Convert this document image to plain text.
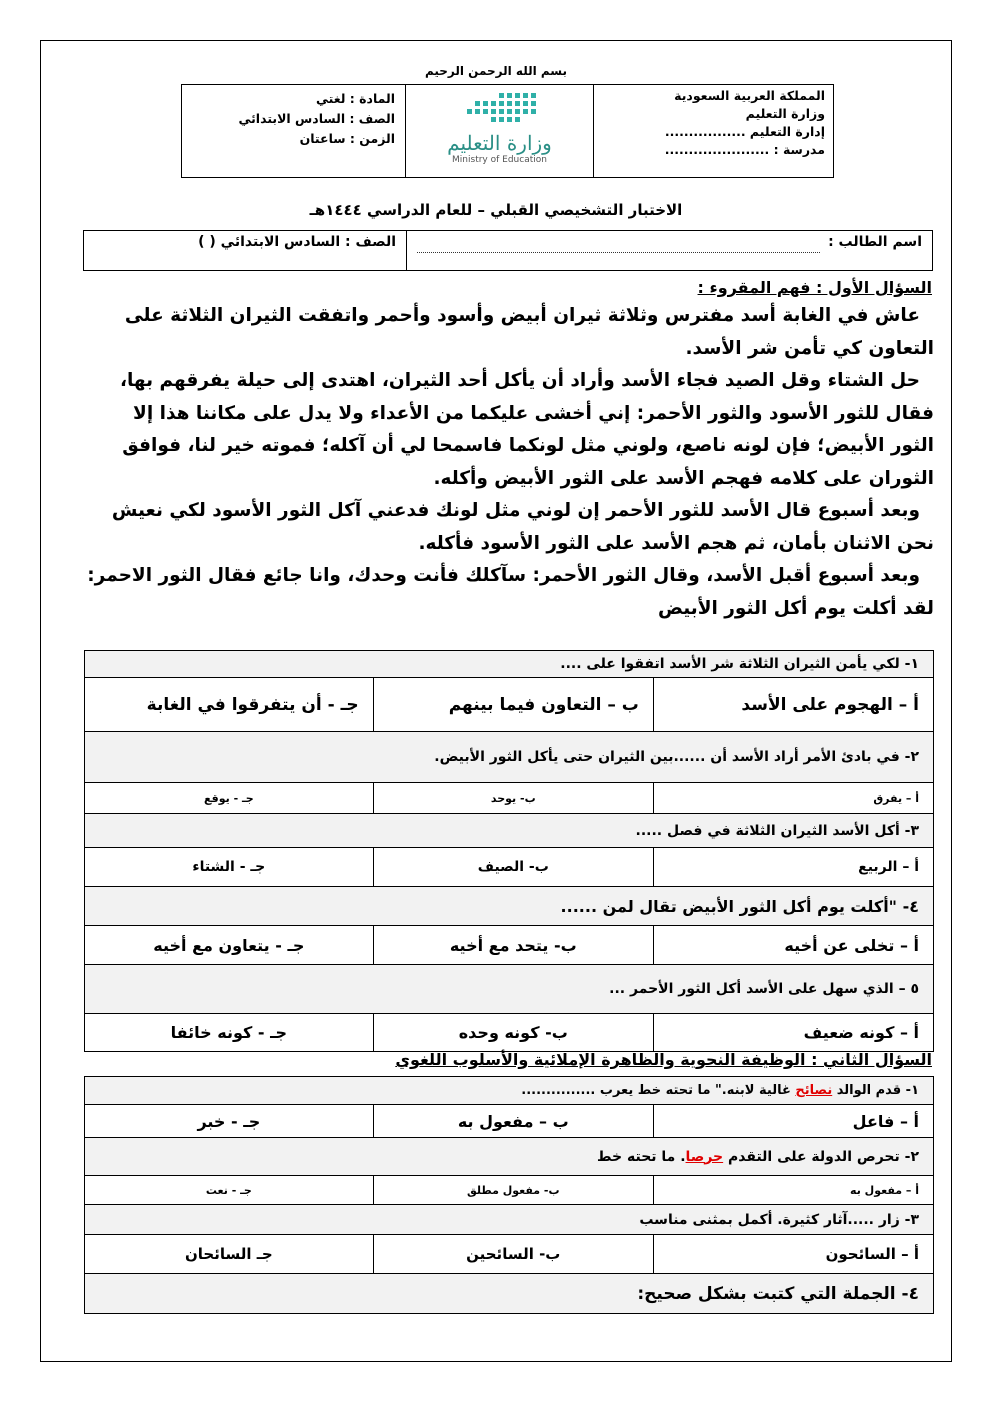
بسم الله الرحمن الرحيم
المملكة العربية السعودية
وزارة التعليم
إدارة التعليم .................
مدرسة : ......................
وزارة التعليم
Ministry of Education
المادة : لغتي
الصف : السادس الابتدائي
الزمن : ساعتان
الاختبار التشخيصي القبلي – للعام الدراسي ١٤٤٤هـ
اسم الطالب :
الصف : السادس الابتدائي ( )
السؤال الأول : فهم المقروء :

عاش في الغابة أسد مفترس وثلاثة ثيران أبيض وأسود وأحمر واتفقت الثيران الثلاثة على التعاون كي تأمن شر الأسد.

حل الشتاء وقل الصيد فجاء الأسد وأراد أن يأكل أحد الثيران، اهتدى إلى حيلة يفرقهم بها، فقال للثور الأسود والثور الأحمر: إني أخشى عليكما من الأعداء ولا يدل على مكاننا هذا إلا الثور الأبيض؛ فإن لونه ناصع، ولوني مثل لونكما فاسمحا لي أن آكله؛ فموته خير لنا، فوافق الثوران على كلامه فهجم الأسد على الثور الأبيض وأكله.

وبعد أسبوع قال الأسد للثور الأحمر إن لوني مثل لونك فدعني آكل الثور الأسود لكي نعيش نحن الاثنان بأمان، ثم هجم الأسد على الثور الأسود فأكله.

وبعد أسبوع أقبل الأسد، وقال الثور الأحمر: سآكلك فأنت وحدك، وانا جائع فقال الثور الاحمر: لقد أكلت يوم أكل الثور الأبيض

١- لكي يأمن الثيران الثلاثة شر الأسد اتفقوا على ....		
أ – الهجوم على الأسد	ب – التعاون فيما بينهم	جـ - أن يتفرقوا في الغابة
٢- في بادئ الأمر أراد الأسد أن ......بين الثيران حتى يأكل الثور الأبيض.		
أ – يفرق	ب- يوحد	جـ - يوقع
٣- أكل الأسد الثيران الثلاثة في فصل .....		
أ – الربيع	ب- الصيف	جـ - الشتاء
٤- "أكلت يوم أكل الثور الأبيض تقال لمن ......		
أ – تخلى عن أخيه	ب- يتحد مع أخيه	جـ - يتعاون مع أخيه
٥ – الذي سهل على الأسد أكل الثور الأحمر ...		
أ – كونه ضعيف	ب- كونه وحده	جـ - كونه خائفا
السؤال الثاني : الوظيفة النحوية والظاهرة الإملائية والأسلوب اللغوي
١- قدم الوالد نصائح غالية لابنه." ما تحته خط يعرب ...............		
أ – فاعل	ب – مفعول به	جـ - خبر
٢- تحرص الدولة على التقدم حرصا. ما تحته خط		
أ – مفعول به	ب- مفعول مطلق	جـ - نعت
٣- زار .....آثار كثيرة. أكمل بمثنى مناسب		
أ – السائحون	ب- السائحين	جـ السائحان
٤- الجملة التي كتبت بشكل صحيح:		
